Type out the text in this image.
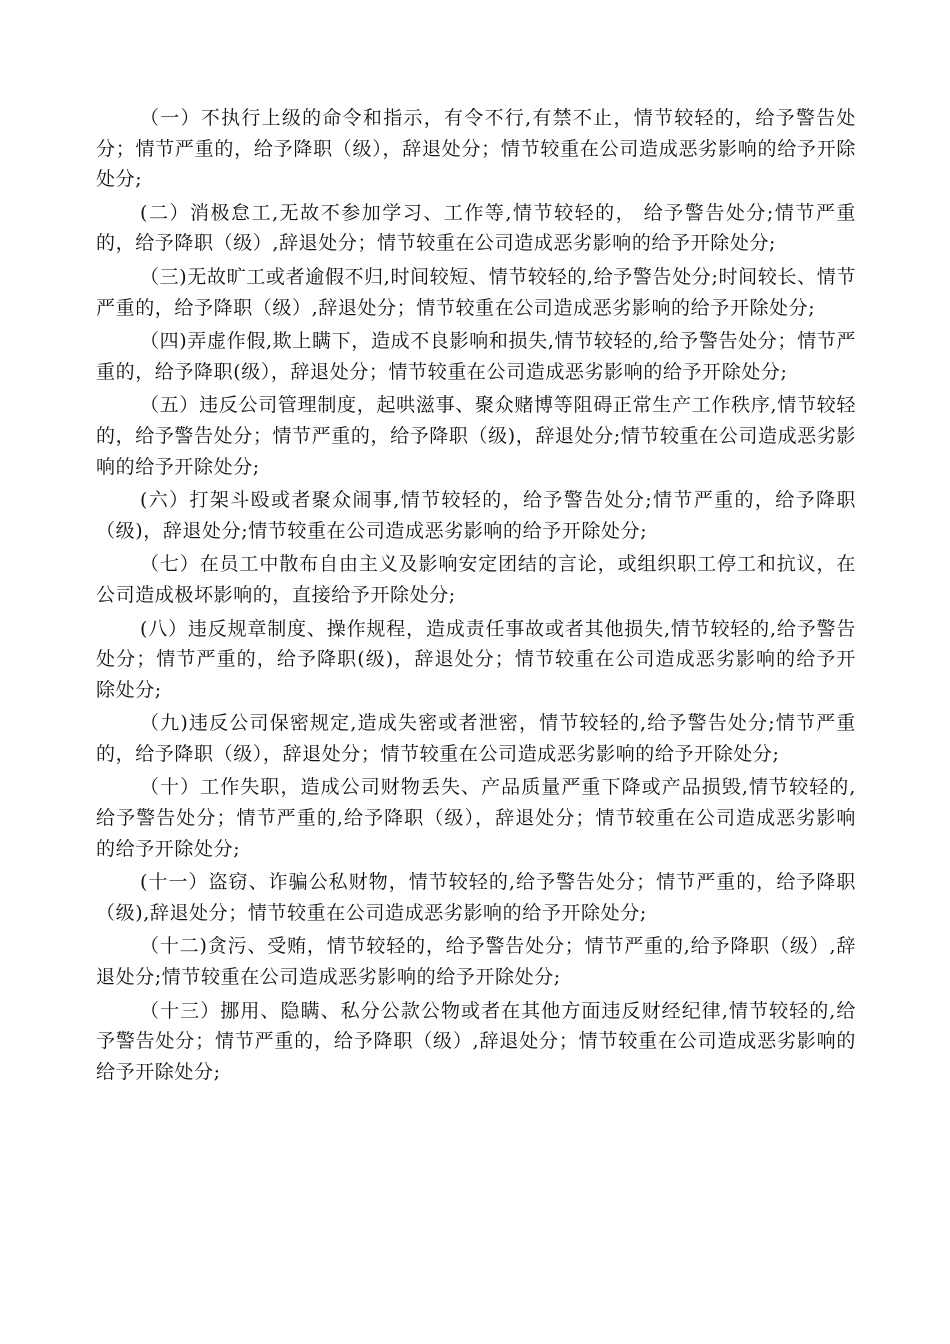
（一）不执行上级的命令和指示，有令不行,有禁不止，情节较轻的，给予警告处分；情节严重的，给予降职（级），辞退处分；情节较重在公司造成恶劣影响的给予开除处分;

(二）消极怠工,无故不参加学习、工作等,情节较轻的， 给予警告处分;情节严重的，给予降职（级）,辞退处分；情节较重在公司造成恶劣影响的给予开除处分;

（三)无故旷工或者逾假不归,时间较短、情节较轻的,给予警告处分;时间较长、情节严重的，给予降职（级）,辞退处分；情节较重在公司造成恶劣影响的给予开除处分;

（四)弄虚作假,欺上瞒下，造成不良影响和损失,情节较轻的,给予警告处分；情节严重的，给予降职(级），辞退处分；情节较重在公司造成恶劣影响的给予开除处分;

（五）违反公司管理制度，起哄滋事、聚众赌博等阻碍正常生产工作秩序,情节较轻的，给予警告处分；情节严重的，给予降职（级)，辞退处分;情节较重在公司造成恶劣影响的给予开除处分;

(六）打架斗殴或者聚众闹事,情节较轻的，给予警告处分;情节严重的，给予降职（级)，辞退处分;情节较重在公司造成恶劣影响的给予开除处分;

（七）在员工中散布自由主义及影响安定团结的言论，或组织职工停工和抗议，在公司造成极坏影响的，直接给予开除处分;

(八）违反规章制度、操作规程，造成责任事故或者其他损失,情节较轻的,给予警告处分；情节严重的，给予降职(级)，辞退处分；情节较重在公司造成恶劣影响的给予开除处分;

（九)违反公司保密规定,造成失密或者泄密，情节较轻的,给予警告处分;情节严重的，给予降职（级），辞退处分；情节较重在公司造成恶劣影响的给予开除处分;

（十）工作失职，造成公司财物丢失、产品质量严重下降或产品损毁,情节较轻的,给予警告处分；情节严重的,给予降职（级），辞退处分；情节较重在公司造成恶劣影响的给予开除处分;

(十一）盗窃、诈骗公私财物，情节较轻的,给予警告处分；情节严重的，给予降职（级),辞退处分；情节较重在公司造成恶劣影响的给予开除处分;

（十二)贪污、受贿，情节较轻的，给予警告处分；情节严重的,给予降职（级）,辞退处分;情节较重在公司造成恶劣影响的给予开除处分;

（十三）挪用、隐瞒、私分公款公物或者在其他方面违反财经纪律,情节较轻的,给予警告处分；情节严重的，给予降职（级）,辞退处分；情节较重在公司造成恶劣影响的给予开除处分;
